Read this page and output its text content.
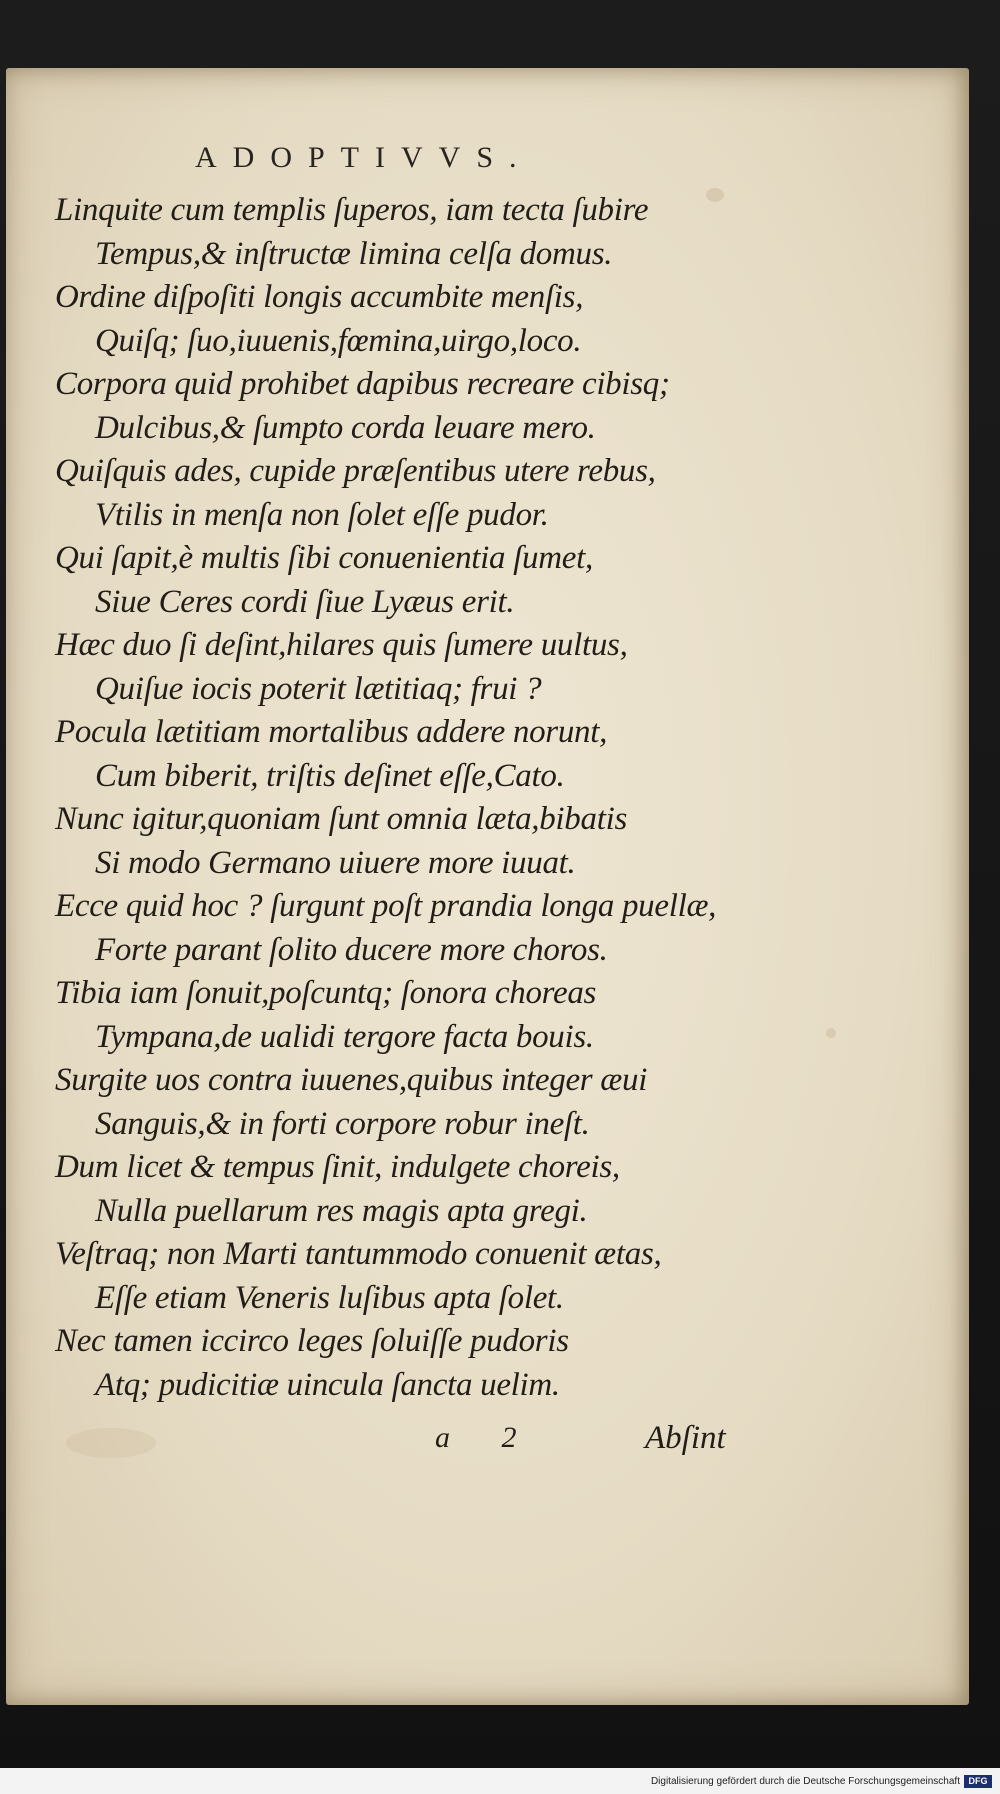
ADOPTIVVS.
Linquite cum templis ſuperos, iam tecta ſubire
Tempus,& inſtructæ limina celſa domus.
Ordine diſpoſiti longis accumbite menſis,
Quiſq; ſuo,iuuenis,fœmina,uirgo,loco.
Corpora quid prohibet dapibus recreare cibisq;
Dulcibus,& ſumpto corda leuare mero.
Quiſquis ades, cupide præſentibus utere rebus,
Vtilis in menſa non ſolet eſſe pudor.
Qui ſapit,è multis ſibi conuenientia ſumet,
Siue Ceres cordi ſiue Lyæus erit.
Hæc duo ſi deſint,hilares quis ſumere uultus,
Quiſue iocis poterit lætitiaq; frui ?
Pocula lætitiam mortalibus addere norunt,
Cum biberit, triſtis deſinet eſſe,Cato.
Nunc igitur,quoniam ſunt omnia læta,bibatis
Si modo Germano uiuere more iuuat.
Ecce quid hoc ? ſurgunt poſt prandia longa puellæ,
Forte parant ſolito ducere more choros.
Tibia iam ſonuit,poſcuntq; ſonora choreas
Tympana,de ualidi tergore facta bouis.
Surgite uos contra iuuenes,quibus integer æui
Sanguis,& in forti corpore robur ineſt.
Dum licet & tempus ſinit, indulgete choreis,
Nulla puellarum res magis apta gregi.
Veſtraq; non Marti tantummodo conuenit ætas,
Eſſe etiam Veneris luſibus apta ſolet.
Nec tamen iccirco leges ſoluiſſe pudoris
Atq; pudicitiæ uincula ſancta uelim.
a 2	Abſint
Digitalisierung gefördert durch die Deutsche Forschungsgemeinschaft DFG
